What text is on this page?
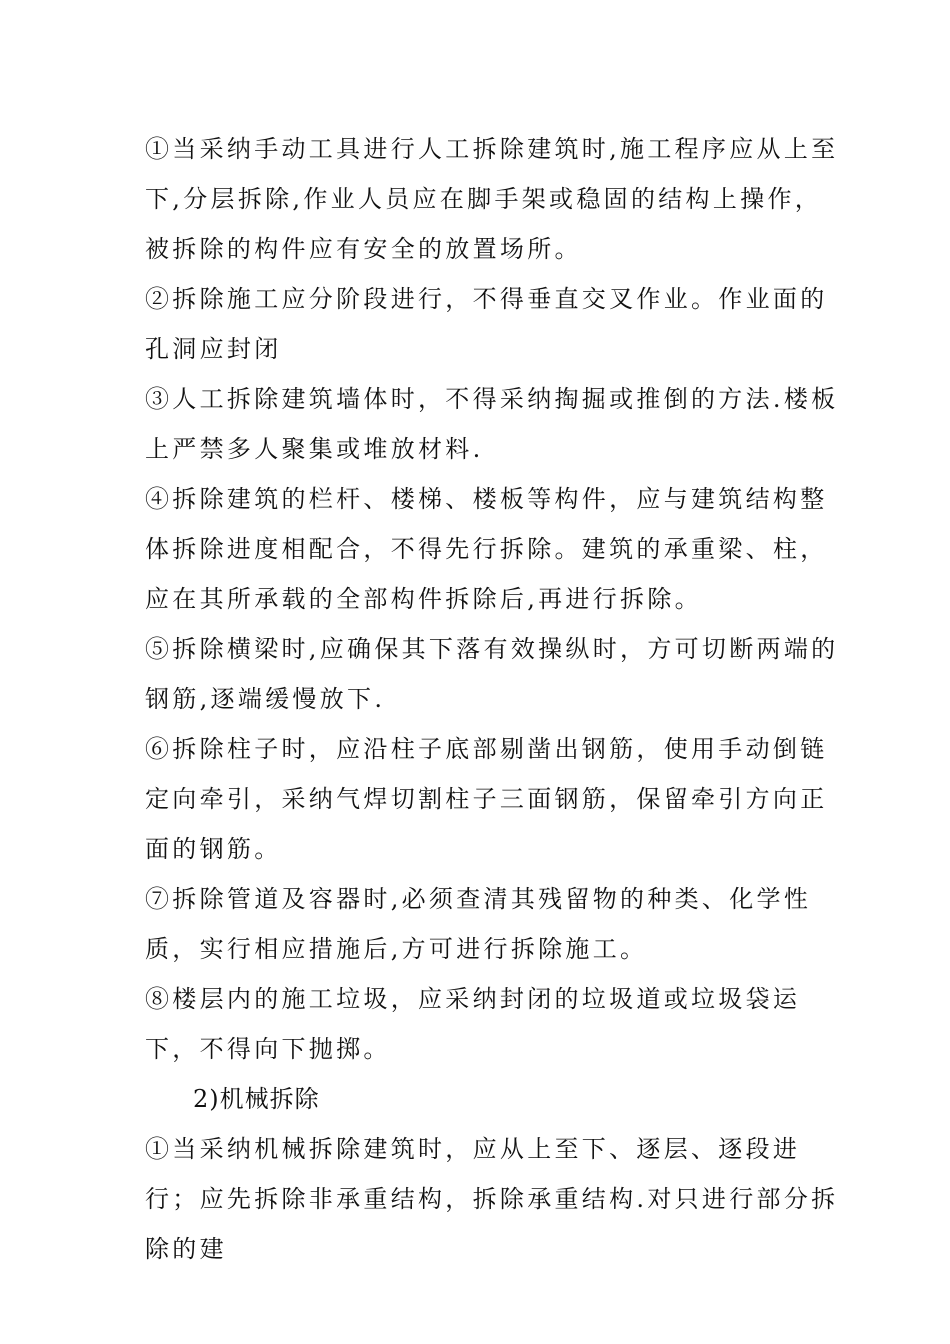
①当采纳手动工具进行人工拆除建筑时,施工程序应从上至下,分层拆除,作业人员应在脚手架或稳固的结构上操作，被拆除的构件应有安全的放置场所。

②拆除施工应分阶段进行，不得垂直交叉作业。作业面的孔洞应封闭

③人工拆除建筑墙体时，不得采纳掏掘或推倒的方法.楼板上严禁多人聚集或堆放材料.

④拆除建筑的栏杆、楼梯、楼板等构件，应与建筑结构整体拆除进度相配合，不得先行拆除。建筑的承重梁、柱，应在其所承载的全部构件拆除后,再进行拆除。

⑤拆除横梁时,应确保其下落有效操纵时，方可切断两端的钢筋,逐端缓慢放下.

⑥拆除柱子时，应沿柱子底部剔凿出钢筋，使用手动倒链定向牵引，采纳气焊切割柱子三面钢筋，保留牵引方向正面的钢筋。

⑦拆除管道及容器时,必须查清其残留物的种类、化学性质，实行相应措施后,方可进行拆除施工。

⑧楼层内的施工垃圾，应采纳封闭的垃圾道或垃圾袋运下，不得向下抛掷。

2)机械拆除

①当采纳机械拆除建筑时，应从上至下、逐层、逐段进行；应先拆除非承重结构，拆除承重结构.对只进行部分拆除的建
